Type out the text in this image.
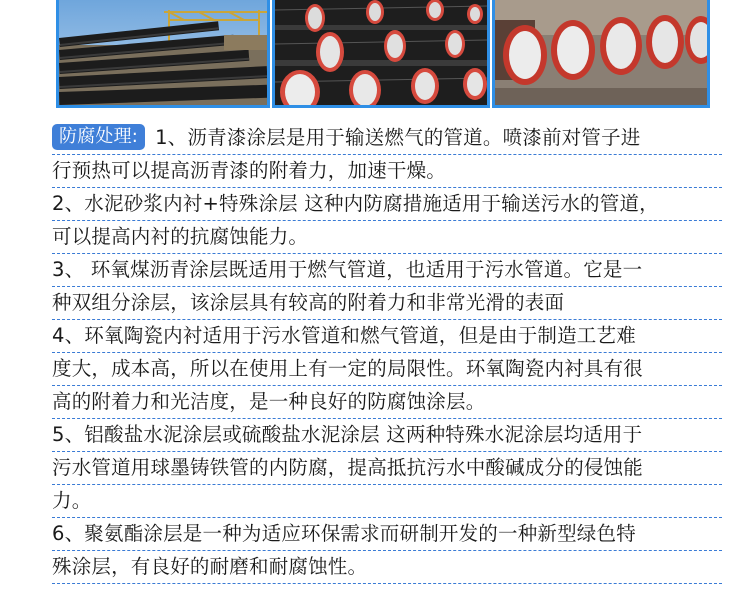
防腐处理: 1、沥青漆涂层是用于输送燃气的管道。喷漆前对管子进
行预热可以提高沥青漆的附着力，加速干燥。
2、水泥砂浆内衬+特殊涂层 这种内防腐措施适用于输送污水的管道，
可以提高内衬的抗腐蚀能力。
3、 环氧煤沥青涂层既适用于燃气管道，也适用于污水管道。它是一
种双组分涂层，该涂层具有较高的附着力和非常光滑的表面
4、环氧陶瓷内衬适用于污水管道和燃气管道，但是由于制造工艺难
度大，成本高，所以在使用上有一定的局限性。环氧陶瓷内衬具有很
高的附着力和光洁度，是一种良好的防腐蚀涂层。
5、铝酸盐水泥涂层或硫酸盐水泥涂层 这两种特殊水泥涂层均适用于
污水管道用球墨铸铁管的内防腐，提高抵抗污水中酸碱成分的侵蚀能
力。
6、聚氨酯涂层是一种为适应环保需求而研制开发的一种新型绿色特
殊涂层，有良好的耐磨和耐腐蚀性。
